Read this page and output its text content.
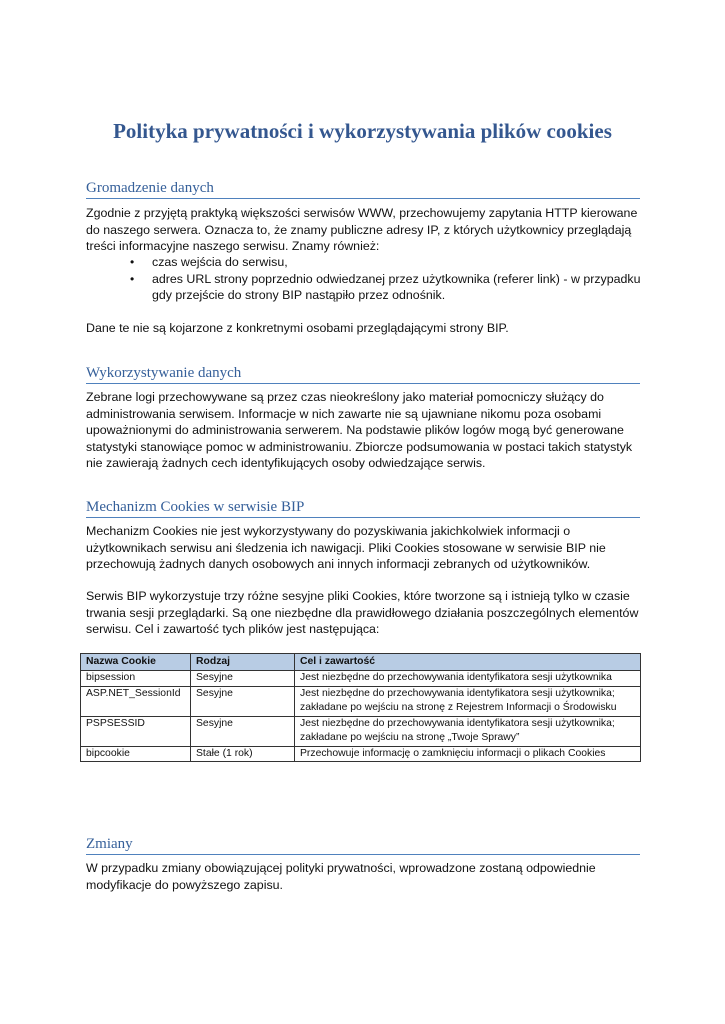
Polityka prywatności i wykorzystywania plików cookies
Gromadzenie danych

Zgodnie z przyjętą praktyką większości serwisów WWW, przechowujemy zapytania HTTP kierowane do naszego serwera. Oznacza to, że znamy publiczne adresy IP, z których użytkownicy przeglądają treści informacyjne naszego serwisu. Znamy również:

• czas wejścia do serwisu,
• adres URL strony poprzednio odwiedzanej przez użytkownika (referer link) - w przypadku gdy przejście do strony BIP nastąpiło przez odnośnik.

Dane te nie są kojarzone z konkretnymi osobami przeglądającymi strony BIP.

Wykorzystywanie danych

Zebrane logi przechowywane są przez czas nieokreślony jako materiał pomocniczy służący do administrowania serwisem. Informacje w nich zawarte nie są ujawniane nikomu poza osobami upoważnionymi do administrowania serwerem. Na podstawie plików logów mogą być generowane statystyki stanowiące pomoc w administrowaniu. Zbiorcze podsumowania w postaci takich statystyk nie zawierają żadnych cech identyfikujących osoby odwiedzające serwis.

Mechanizm Cookies w serwisie BIP

Mechanizm Cookies nie jest wykorzystywany do pozyskiwania jakichkolwiek informacji o użytkownikach serwisu ani śledzenia ich nawigacji. Pliki Cookies stosowane w serwisie BIP nie przechowują żadnych danych osobowych ani innych informacji zebranych od użytkowników.

Serwis BIP wykorzystuje trzy różne sesyjne pliki Cookies, które tworzone są i istnieją tylko w czasie trwania sesji przeglądarki. Są one niezbędne dla prawidłowego działania poszczególnych elementów serwisu. Cel i zawartość tych plików jest następująca:

Nazwa Cookie	Rodzaj	Cel i zawartość
bipsession	Sesyjne	Jest niezbędne do przechowywania identyfikatora sesji użytkownika
ASP.NET_SessionId	Sesyjne	Jest niezbędne do przechowywania identyfikatora sesji użytkownika; zakładane po wejściu na stronę z Rejestrem Informacji o Środowisku
PSPSESSID	Sesyjne	Jest niezbędne do przechowywania identyfikatora sesji użytkownika; zakładane po wejściu na stronę „Twoje Sprawy”
bipcookie	Stałe (1 rok)	Przechowuje informację o zamknięciu informacji o plikach Cookies
Zmiany

W przypadku zmiany obowiązującej polityki prywatności, wprowadzone zostaną odpowiednie modyfikacje do powyższego zapisu.
